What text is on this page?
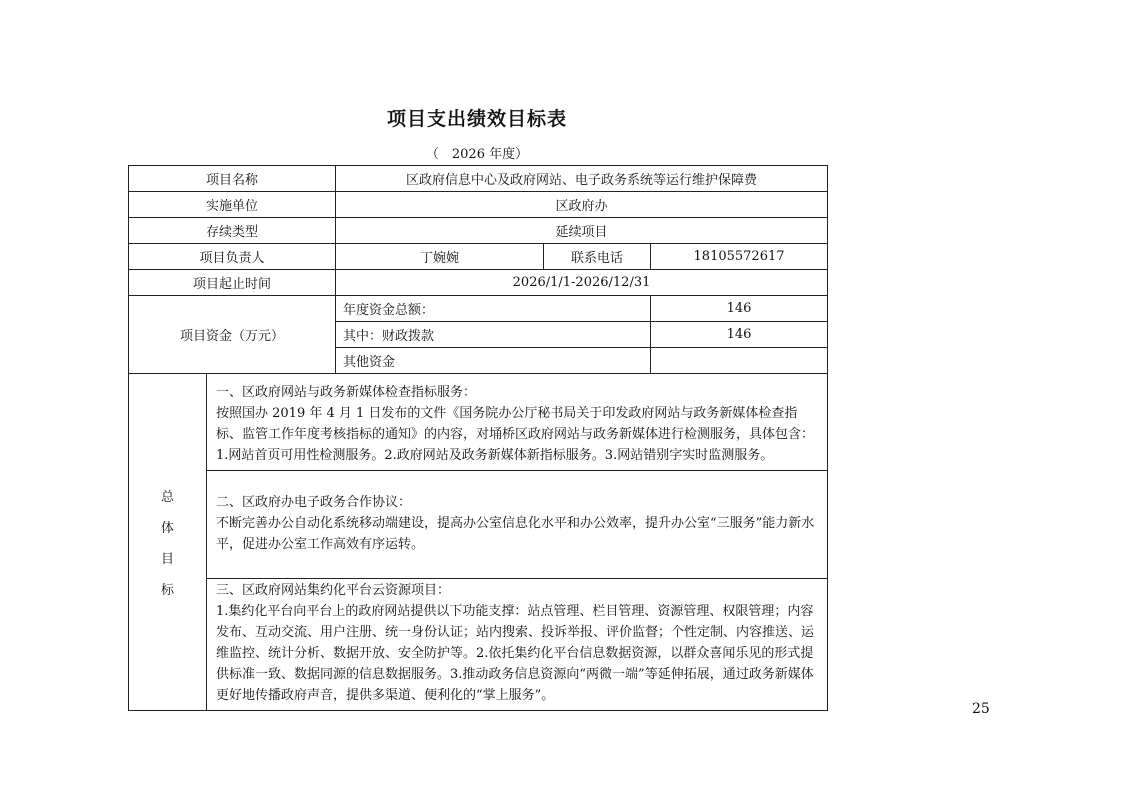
项目支出绩效目标表
（　2026 年度）
项目名称		区政府信息中心及政府网站、电子政务系统等运行维护保障费		
实施单位		区政府办		
存续类型		延续项目		
项目负责人		丁婉婉	联系电话	18105572617
项目起止时间		2026/1/1-2026/12/31		
项目资金（万元）		年度资金总额：		146
		其中：财政拨款		146
		其他资金		

总
体
目
标	一、区政府网站与政务新媒体检查指标服务：
按照国办 2019 年 4 月 1 日发布的文件《国务院办公厅秘书局关于印发政府网站与政务新媒体检查指标、监管工作年度考核指标的通知》的内容，对埇桥区政府网站与政务新媒体进行检测服务，具体包含：1.网站首页可用性检测服务。2.政府网站及政务新媒体新指标服务。3.网站错别字实时监测服务。			

	二、区政府办电子政务合作协议：
不断完善办公自动化系统移动端建设，提高办公室信息化水平和办公效率，提升办公室“三服务”能力新水平，促进办公室工作高效有序运转。			

	三、区政府网站集约化平台云资源项目：
1.集约化平台向平台上的政府网站提供以下功能支撑：站点管理、栏目管理、资源管理、权限管理；内容发布、互动交流、用户注册、统一身份认证；站内搜索、投诉举报、评价监督；个性定制、内容推送、运维监控、统计分析、数据开放、安全防护等。2.依托集约化平台信息数据资源，以群众喜闻乐见的形式提供标准一致、数据同源的信息数据服务。3.推动政务信息资源向“两微一端”等延伸拓展，通过政务新媒体更好地传播政府声音，提供多渠道、便利化的“掌上服务”。			
25
